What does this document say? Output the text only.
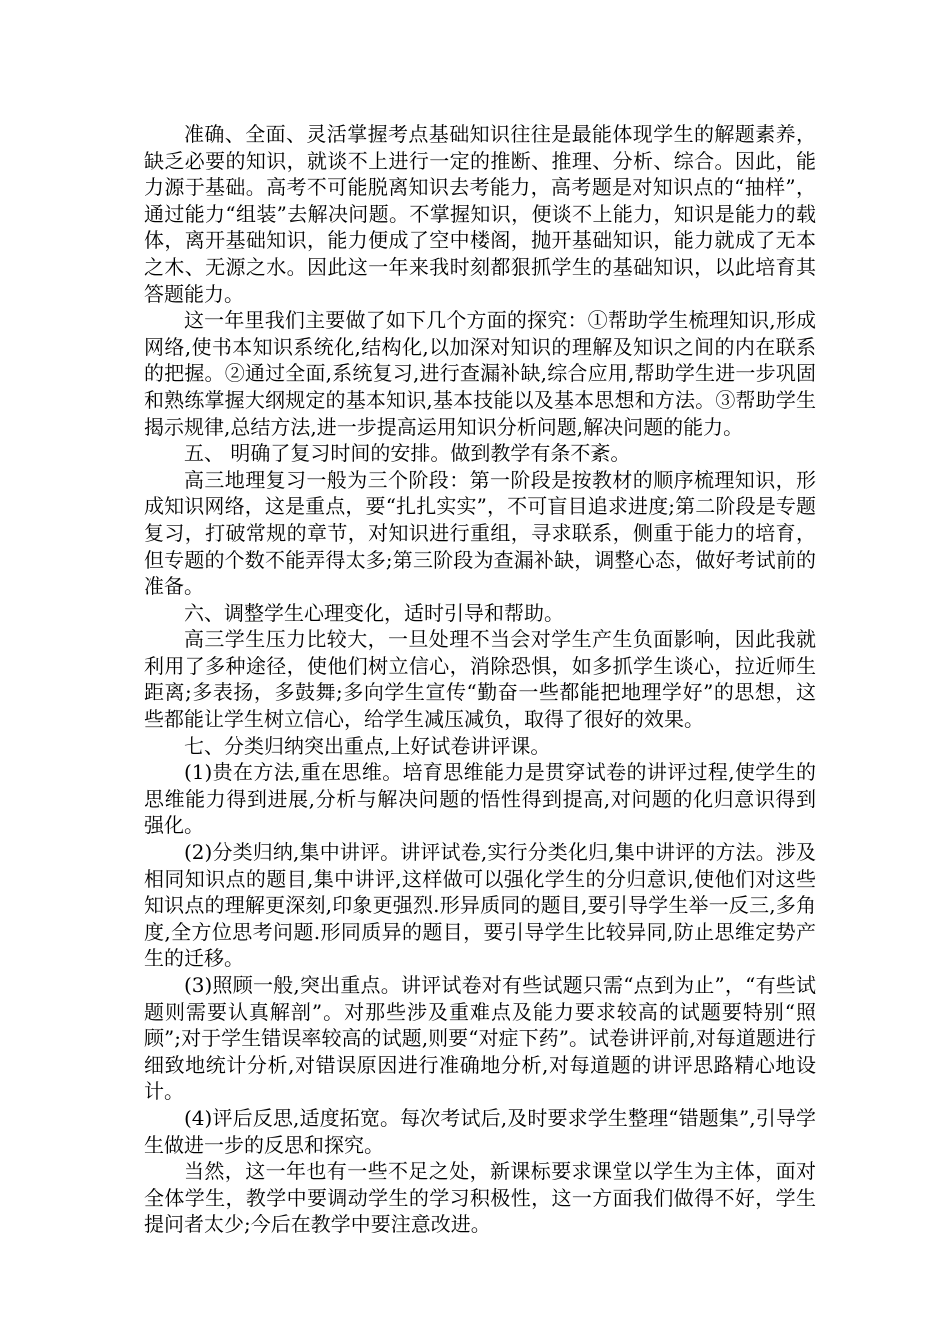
准确、全面、灵活掌握考点基础知识往往是最能体现学生的解题素养，缺乏必要的知识，就谈不上进行一定的推断、推理、分析、综合。因此，能力源于基础。高考不可能脱离知识去考能力，高考题是对知识点的“抽样”，通过能力“组装”去解决问题。不掌握知识，便谈不上能力，知识是能力的载体，离开基础知识，能力便成了空中楼阁，抛开基础知识，能力就成了无本之木、无源之水。因此这一年来我时刻都狠抓学生的基础知识，以此培育其答题能力。

这一年里我们主要做了如下几个方面的探究：①帮助学生梳理知识,形成网络,使书本知识系统化,结构化,以加深对知识的理解及知识之间的内在联系的把握。②通过全面,系统复习,进行查漏补缺,综合应用,帮助学生进一步巩固和熟练掌握大纲规定的基本知识,基本技能以及基本思想和方法。③帮助学生揭示规律,总结方法,进一步提高运用知识分析问题,解决问题的能力。

五、 明确了复习时间的安排。做到教学有条不紊。

高三地理复习一般为三个阶段：第一阶段是按教材的顺序梳理知识，形成知识网络，这是重点，要“扎扎实实”，不可盲目追求进度;第二阶段是专题复习，打破常规的章节，对知识进行重组，寻求联系，侧重于能力的培育，但专题的个数不能弄得太多;第三阶段为查漏补缺，调整心态，做好考试前的准备。

六、调整学生心理变化，适时引导和帮助。

高三学生压力比较大，一旦处理不当会对学生产生负面影响，因此我就利用了多种途径，使他们树立信心，消除恐惧，如多抓学生谈心，拉近师生距离;多表扬，多鼓舞;多向学生宣传“勤奋一些都能把地理学好”的思想，这些都能让学生树立信心，给学生减压减负，取得了很好的效果。

七、分类归纳突出重点,上好试卷讲评课。

(1)贵在方法,重在思维。培育思维能力是贯穿试卷的讲评过程,使学生的思维能力得到进展,分析与解决问题的悟性得到提高,对问题的化归意识得到强化。

(2)分类归纳,集中讲评。讲评试卷,实行分类化归,集中讲评的方法。涉及相同知识点的题目,集中讲评,这样做可以强化学生的分归意识,使他们对这些知识点的理解更深刻,印象更强烈.形异质同的题目,要引导学生举一反三,多角度,全方位思考问题.形同质异的题目，要引导学生比较异同,防止思维定势产生的迁移。

(3)照顾一般,突出重点。讲评试卷对有些试题只需“点到为止”，“有些试题则需要认真解剖”。对那些涉及重难点及能力要求较高的试题要特别“照顾”;对于学生错误率较高的试题,则要“对症下药”。试卷讲评前,对每道题进行细致地统计分析,对错误原因进行准确地分析,对每道题的讲评思路精心地设计。

(4)评后反思,适度拓宽。每次考试后,及时要求学生整理“错题集”,引导学生做进一步的反思和探究。

当然，这一年也有一些不足之处，新课标要求课堂以学生为主体，面对全体学生，教学中要调动学生的学习积极性，这一方面我们做得不好，学生提问者太少;今后在教学中要注意改进。
